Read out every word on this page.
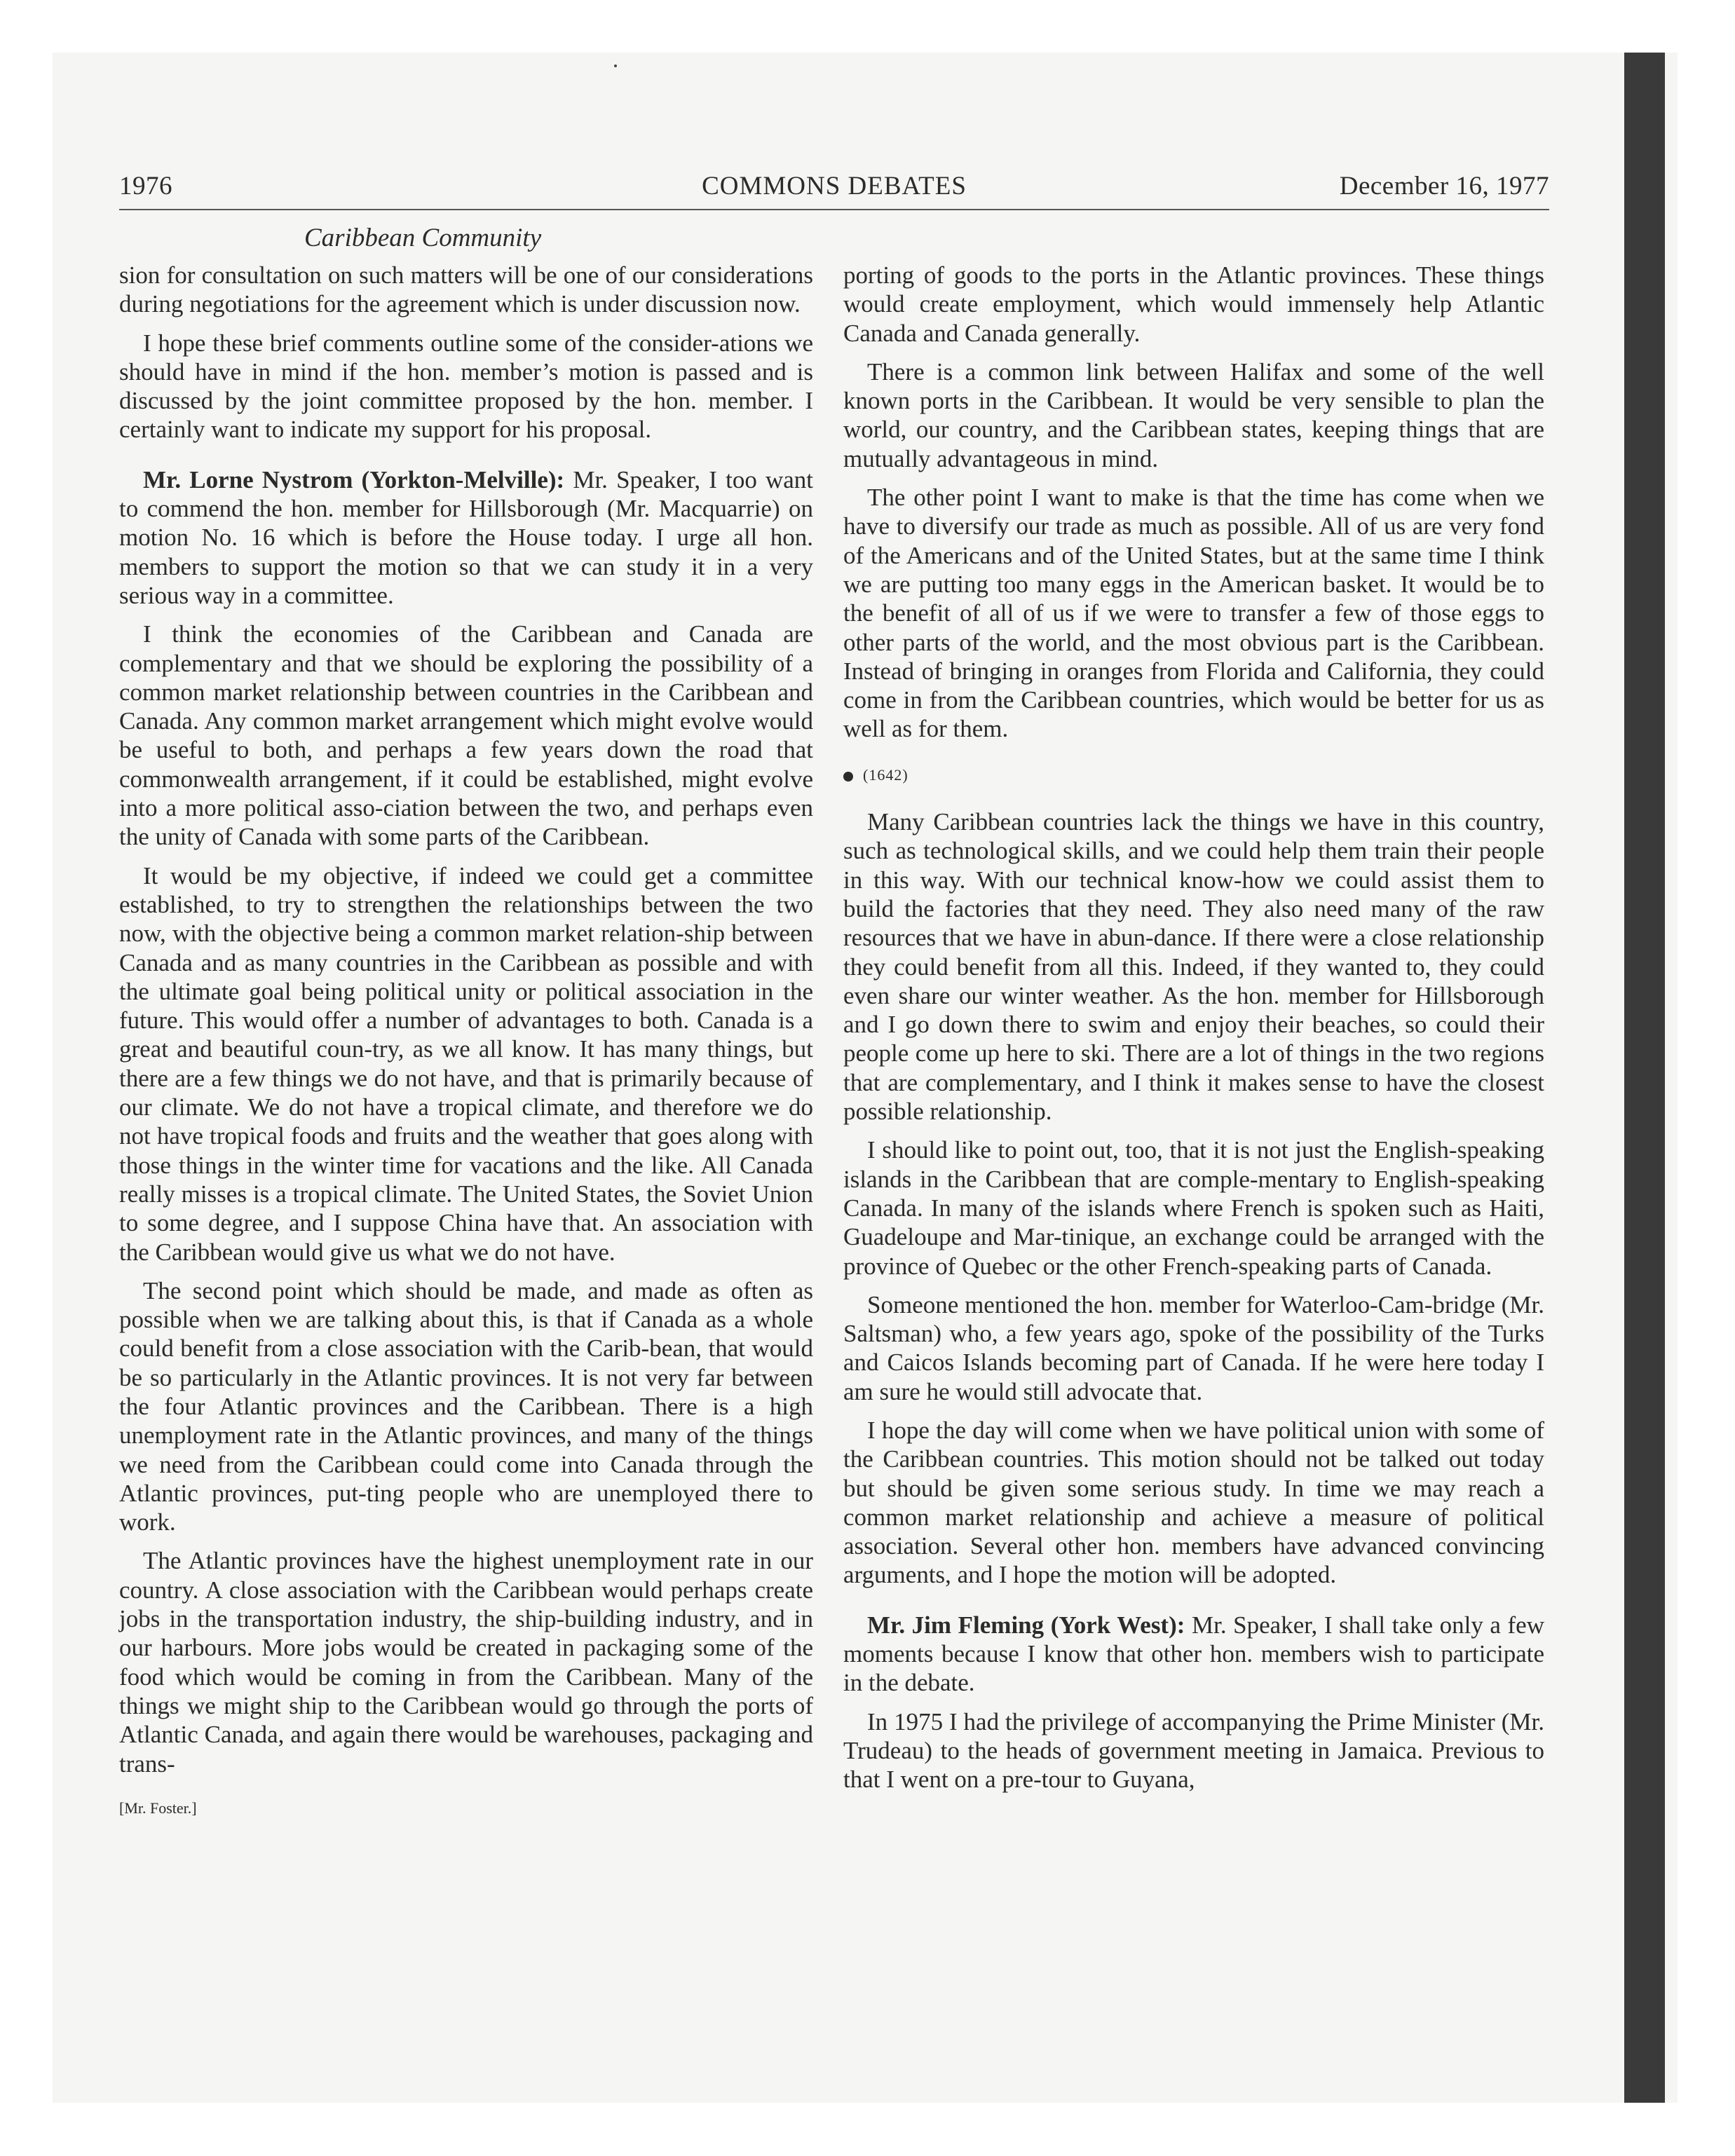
1976	COMMONS DEBATES	December 16, 1977
Caribbean Community

sion for consultation on such matters will be one of our considerations during negotiations for the agreement which is under discussion now.

I hope these brief comments outline some of the consider-ations we should have in mind if the hon. member’s motion is passed and is discussed by the joint committee proposed by the hon. member. I certainly want to indicate my support for his proposal.

Mr. Lorne Nystrom (Yorkton-Melville): Mr. Speaker, I too want to commend the hon. member for Hillsborough (Mr. Macquarrie) on motion No. 16 which is before the House today. I urge all hon. members to support the motion so that we can study it in a very serious way in a committee.

I think the economies of the Caribbean and Canada are complementary and that we should be exploring the possibility of a common market relationship between countries in the Caribbean and Canada. Any common market arrangement which might evolve would be useful to both, and perhaps a few years down the road that commonwealth arrangement, if it could be established, might evolve into a more political asso-ciation between the two, and perhaps even the unity of Canada with some parts of the Caribbean.

It would be my objective, if indeed we could get a committee established, to try to strengthen the relationships between the two now, with the objective being a common market relation-ship between Canada and as many countries in the Caribbean as possible and with the ultimate goal being political unity or political association in the future. This would offer a number of advantages to both. Canada is a great and beautiful coun-try, as we all know. It has many things, but there are a few things we do not have, and that is primarily because of our climate. We do not have a tropical climate, and therefore we do not have tropical foods and fruits and the weather that goes along with those things in the winter time for vacations and the like. All Canada really misses is a tropical climate. The United States, the Soviet Union to some degree, and I suppose China have that. An association with the Caribbean would give us what we do not have.

The second point which should be made, and made as often as possible when we are talking about this, is that if Canada as a whole could benefit from a close association with the Carib-bean, that would be so particularly in the Atlantic provinces. It is not very far between the four Atlantic provinces and the Caribbean. There is a high unemployment rate in the Atlantic provinces, and many of the things we need from the Caribbean could come into Canada through the Atlantic provinces, put-ting people who are unemployed there to work.

The Atlantic provinces have the highest unemployment rate in our country. A close association with the Caribbean would perhaps create jobs in the transportation industry, the ship-building industry, and in our harbours. More jobs would be created in packaging some of the food which would be coming in from the Caribbean. Many of the things we might ship to the Caribbean would go through the ports of Atlantic Canada, and again there would be warehouses, packaging and trans-

[Mr. Foster.]

porting of goods to the ports in the Atlantic provinces. These things would create employment, which would immensely help Atlantic Canada and Canada generally.

There is a common link between Halifax and some of the well known ports in the Caribbean. It would be very sensible to plan the world, our country, and the Caribbean states, keeping things that are mutually advantageous in mind.

The other point I want to make is that the time has come when we have to diversify our trade as much as possible. All of us are very fond of the Americans and of the United States, but at the same time I think we are putting too many eggs in the American basket. It would be to the benefit of all of us if we were to transfer a few of those eggs to other parts of the world, and the most obvious part is the Caribbean. Instead of bringing in oranges from Florida and California, they could come in from the Caribbean countries, which would be better for us as well as for them.

(1642)

Many Caribbean countries lack the things we have in this country, such as technological skills, and we could help them train their people in this way. With our technical know-how we could assist them to build the factories that they need. They also need many of the raw resources that we have in abun-dance. If there were a close relationship they could benefit from all this. Indeed, if they wanted to, they could even share our winter weather. As the hon. member for Hillsborough and I go down there to swim and enjoy their beaches, so could their people come up here to ski. There are a lot of things in the two regions that are complementary, and I think it makes sense to have the closest possible relationship.

I should like to point out, too, that it is not just the English-speaking islands in the Caribbean that are comple-mentary to English-speaking Canada. In many of the islands where French is spoken such as Haiti, Guadeloupe and Mar-tinique, an exchange could be arranged with the province of Quebec or the other French-speaking parts of Canada.

Someone mentioned the hon. member for Waterloo-Cam-bridge (Mr. Saltsman) who, a few years ago, spoke of the possibility of the Turks and Caicos Islands becoming part of Canada. If he were here today I am sure he would still advocate that.

I hope the day will come when we have political union with some of the Caribbean countries. This motion should not be talked out today but should be given some serious study. In time we may reach a common market relationship and achieve a measure of political association. Several other hon. members have advanced convincing arguments, and I hope the motion will be adopted.

Mr. Jim Fleming (York West): Mr. Speaker, I shall take only a few moments because I know that other hon. members wish to participate in the debate.

In 1975 I had the privilege of accompanying the Prime Minister (Mr. Trudeau) to the heads of government meeting in Jamaica. Previous to that I went on a pre-tour to Guyana,
